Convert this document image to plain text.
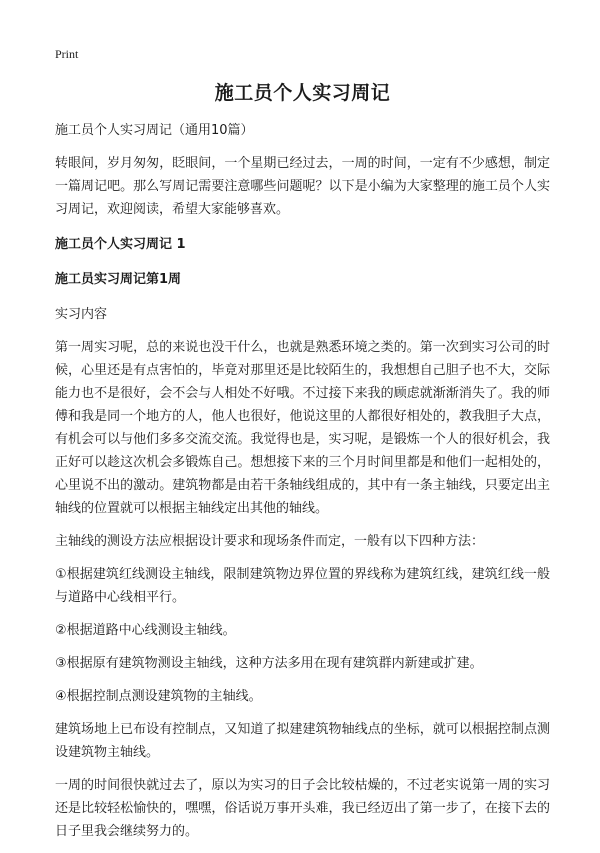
Print
施工员个人实习周记

施工员个人实习周记（通用10篇）

转眼间，岁月匆匆，眨眼间，一个星期已经过去，一周的时间，一定有不少感想，制定一篇周记吧。那么写周记需要注意哪些问题呢？以下是小编为大家整理的施工员个人实习周记，欢迎阅读，希望大家能够喜欢。

施工员个人实习周记 1

施工员实习周记第1周

实习内容

第一周实习呢，总的来说也没干什么，也就是熟悉环境之类的。第一次到实习公司的时候，心里还是有点害怕的，毕竟对那里还是比较陌生的，我想想自己胆子也不大，交际能力也不是很好，会不会与人相处不好哦。不过接下来我的顾虑就渐渐消失了。我的师傅和我是同一个地方的人，他人也很好，他说这里的人都很好相处的，教我胆子大点，有机会可以与他们多多交流交流。我觉得也是，实习呢，是锻炼一个人的很好机会，我正好可以趁这次机会多锻炼自己。想想接下来的三个月时间里都是和他们一起相处的，心里说不出的激动。建筑物都是由若干条轴线组成的，其中有一条主轴线，只要定出主轴线的位置就可以根据主轴线定出其他的轴线。

主轴线的测设方法应根据设计要求和现场条件而定，一般有以下四种方法：

①根据建筑红线测设主轴线，限制建筑物边界位置的界线称为建筑红线，建筑红线一般与道路中心线相平行。

②根据道路中心线测设主轴线。

③根据原有建筑物测设主轴线，这种方法多用在现有建筑群内新建或扩建。

④根据控制点测设建筑物的主轴线。

建筑场地上已布设有控制点，又知道了拟建建筑物轴线点的坐标，就可以根据控制点测设建筑物主轴线。

一周的时间很快就过去了，原以为实习的日子会比较枯燥的，不过老实说第一周的实习还是比较轻松愉快的，嘿嘿，俗话说万事开头难，我已经迈出了第一步了，在接下去的日子里我会继续努力的。
